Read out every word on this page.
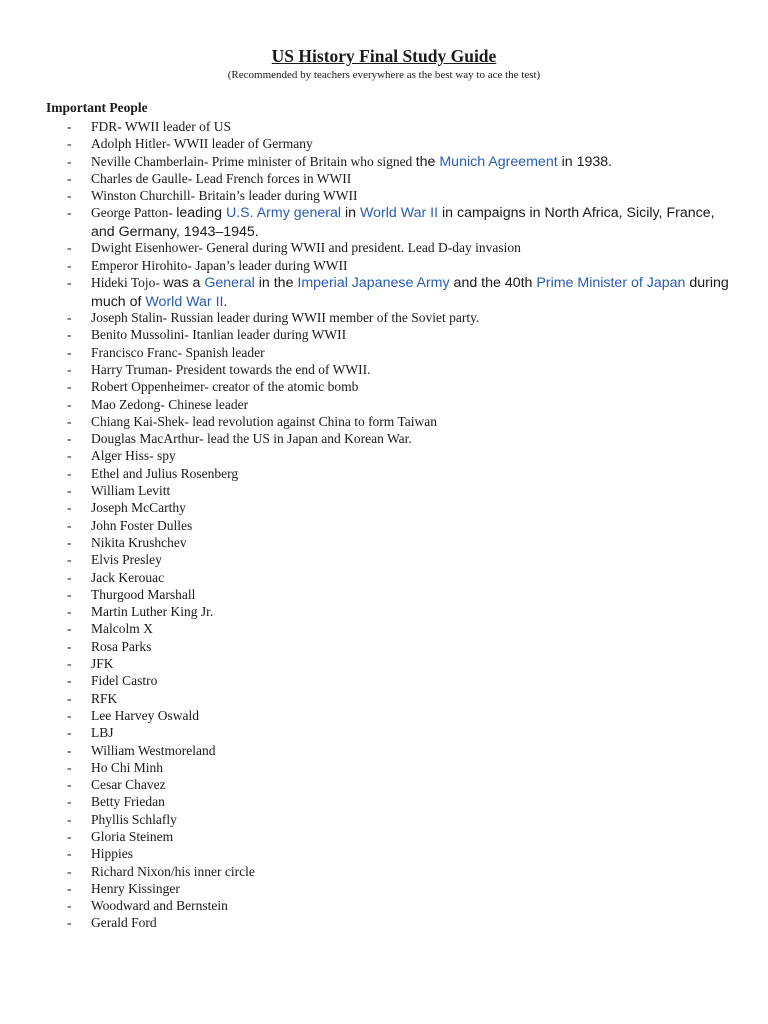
US History Final Study Guide

(Recommended by teachers everywhere as the best way to ace the test)

Important People

- FDR- WWII leader of US
- Adolph Hitler- WWII leader of Germany
- Neville Chamberlain- Prime minister of Britain who signed the Munich Agreement in 1938.
- Charles de Gaulle- Lead French forces in WWII
- Winston Churchill- Britain’s leader during WWII
- George Patton- leading U.S. Army general in World War II in campaigns in North Africa, Sicily, France, and Germany, 1943–1945.
- Dwight Eisenhower- General during WWII and president. Lead D-day invasion
- Emperor Hirohito- Japan’s leader during WWII
- Hideki Tojo- was a General in the Imperial Japanese Army and the 40th Prime Minister of Japan during much of World War II.
- Joseph Stalin- Russian leader during WWII member of the Soviet party.
- Benito Mussolini- Itanlian leader during WWII
- Francisco Franc- Spanish leader
- Harry Truman- President towards the end of WWII.
- Robert Oppenheimer- creator of the atomic bomb
- Mao Zedong- Chinese leader
- Chiang Kai-Shek- lead revolution against China to form Taiwan
- Douglas MacArthur- lead the US in Japan and Korean War.
- Alger Hiss- spy
- Ethel and Julius Rosenberg
- William Levitt
- Joseph McCarthy
- John Foster Dulles
- Nikita Krushchev
- Elvis Presley
- Jack Kerouac
- Thurgood Marshall
- Martin Luther King Jr.
- Malcolm X
- Rosa Parks
- JFK
- Fidel Castro
- RFK
- Lee Harvey Oswald
- LBJ
- William Westmoreland
- Ho Chi Minh
- Cesar Chavez
- Betty Friedan
- Phyllis Schlafly
- Gloria Steinem
- Hippies
- Richard Nixon/his inner circle
- Henry Kissinger
- Woodward and Bernstein
- Gerald Ford
